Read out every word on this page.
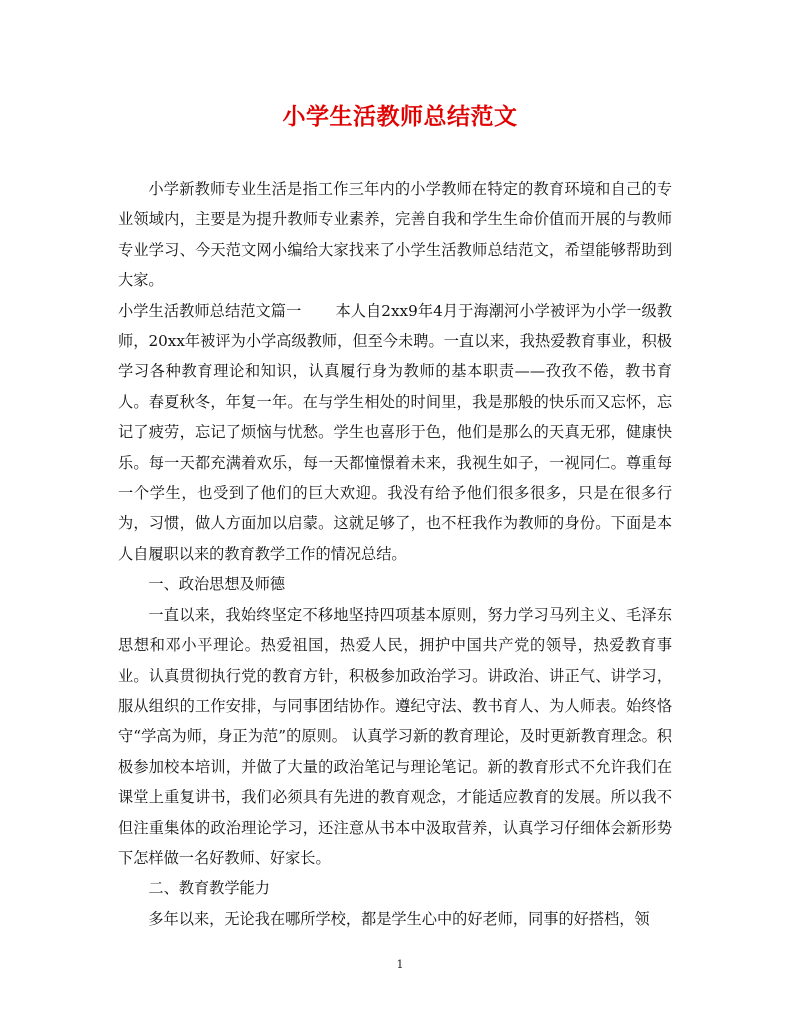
小学生活教师总结范文

小学新教师专业生活是指工作三年内的小学教师在特定的教育环境和自己的专业领域内，主要是为提升教师专业素养，完善自我和学生生命价值而开展的与教师专业学习、今天范文网小编给大家找来了小学生活教师总结范文，希望能够帮助到大家。

小学生活教师总结范文篇一 本人自2xx9年4月于海潮河小学被评为小学一级教师，20xx年被评为小学高级教师，但至今未聘。一直以来，我热爱教育事业，积极学习各种教育理论和知识，认真履行身为教师的基本职责——孜孜不倦，教书育人。春夏秋冬，年复一年。在与学生相处的时间里，我是那般的快乐而又忘怀，忘记了疲劳，忘记了烦恼与忧愁。学生也喜形于色，他们是那么的天真无邪，健康快乐。每一天都充满着欢乐，每一天都憧憬着未来，我视生如子，一视同仁。尊重每一个学生，也受到了他们的巨大欢迎。我没有给予他们很多很多，只是在很多行为，习惯，做人方面加以启蒙。这就足够了，也不枉我作为教师的身份。下面是本人自履职以来的教育教学工作的情况总结。

一、政治思想及师德

一直以来，我始终坚定不移地坚持四项基本原则，努力学习马列主义、毛泽东思想和邓小平理论。热爱祖国，热爱人民，拥护中国共产党的领导，热爱教育事业。认真贯彻执行党的教育方针，积极参加政治学习。讲政治、讲正气、讲学习，服从组织的工作安排，与同事团结协作。遵纪守法、教书育人、为人师表。始终恪守“学高为师，身正为范”的原则。 认真学习新的教育理论，及时更新教育理念。积极参加校本培训，并做了大量的政治笔记与理论笔记。新的教育形式不允许我们在课堂上重复讲书，我们必须具有先进的教育观念，才能适应教育的发展。所以我不但注重集体的政治理论学习，还注意从书本中汲取营养，认真学习仔细体会新形势下怎样做一名好教师、好家长。

二、教育教学能力

多年以来，无论我在哪所学校，都是学生心中的好老师，同事的好搭档，领

1
